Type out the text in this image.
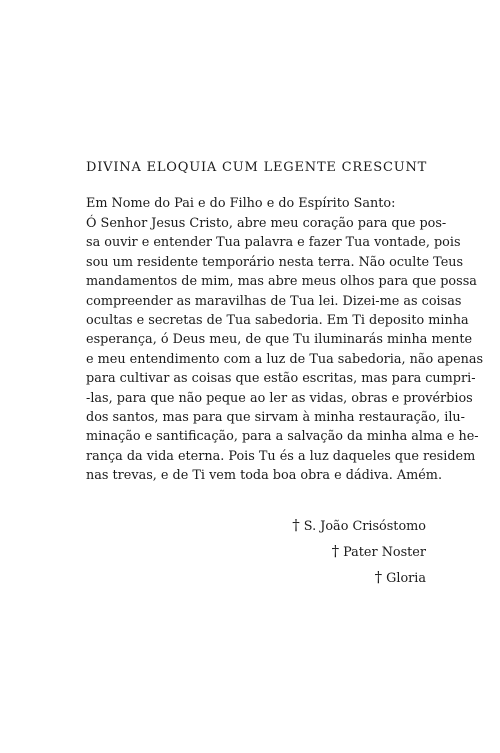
DIVINA ELOQUIA CUM LEGENTE CRESCUNT
Em Nome do Pai e do Filho e do Espírito Santo:
Ó Senhor Jesus Cristo, abre meu coração para que pos-
sa ouvir e entender Tua palavra e fazer Tua vontade, pois
sou um residente temporário nesta terra. Não oculte Teus
mandamentos de mim, mas abre meus olhos para que possa
compreender as maravilhas de Tua lei. Dizei-me as coisas
ocultas e secretas de Tua sabedoria. Em Ti deposito minha
esperança, ó Deus meu, de que Tu iluminarás minha mente
e meu entendimento com a luz de Tua sabedoria, não apenas
para cultivar as coisas que estão escritas, mas para cumpri-
-las, para que não peque ao ler as vidas, obras e provérbios
dos santos, mas para que sirvam à minha restauração, ilu-
minação e santificação, para a salvação da minha alma e he-
rança da vida eterna. Pois Tu és a luz daqueles que residem
nas trevas, e de Ti vem toda boa obra e dádiva. Amém.
† S. João Crisóstomo
† Pater Noster
† Gloria
